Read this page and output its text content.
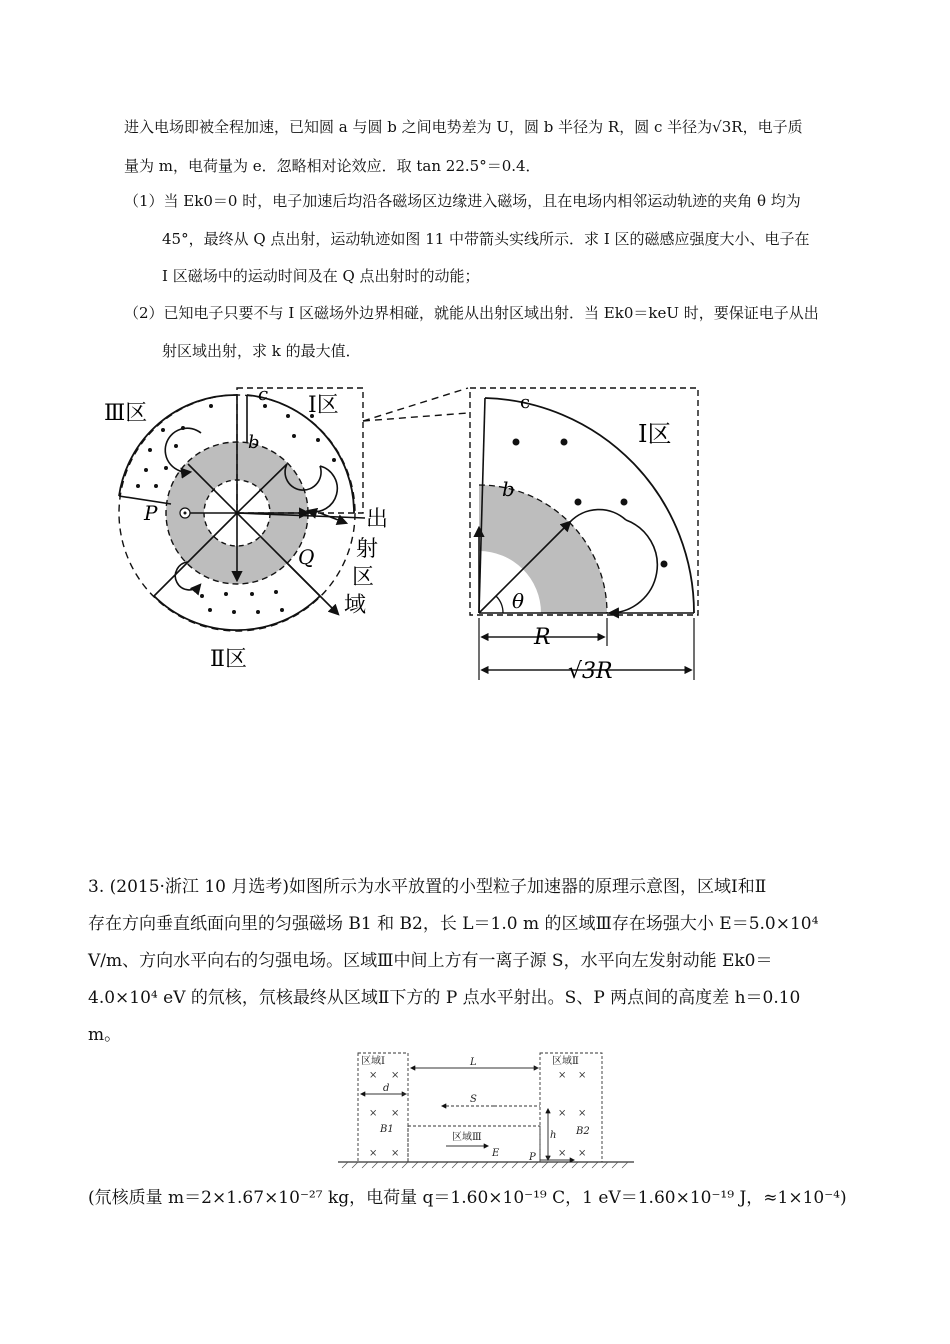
进入电场即被全程加速，已知圆 a 与圆 b 之间电势差为 U，圆 b 半径为 R，圆 c 半径为√3R，电子质
量为 m，电荷量为 e．忽略相对论效应．取 tan 22.5°＝0.4．
（1）当 Ek0＝0 时，电子加速后均沿各磁场区边缘进入磁场，且在电场内相邻运动轨迹的夹角 θ 均为
45°，最终从 Q 点出射，运动轨迹如图 11 中带箭头实线所示．求 I 区的磁感应强度大小、电子在
I 区磁场中的运动时间及在 Q 点出射时的动能；
（2）已知电子只要不与 I 区磁场外边界相碰，就能从出射区域出射．当 Ek0＝keU 时，要保证电子从出
射区域出射，求 k 的最大值．
Ⅲ区	Ⅰ区
Ⅱ区
c
b
P
Q
出
射
区
域
Ⅰ区
c
b
θ
R
√3R
3. (2015·浙江 10 月选考)如图所示为水平放置的小型粒子加速器的原理示意图，区域Ⅰ和Ⅱ
存在方向垂直纸面向里的匀强磁场 B1 和 B2，长 L＝1.0 m 的区域Ⅲ存在场强大小 E＝5.0×10⁴
V/m、方向水平向右的匀强电场。区域Ⅲ中间上方有一离子源 S，水平向左发射动能 Ek0＝
4.0×10⁴ eV 的氘核，氘核最终从区域Ⅱ下方的 P 点水平射出。S、P 两点间的高度差 h＝0.10
m。
区域Ⅰ	区域Ⅱ
区域Ⅲ
L
d
S
B1	B2
h
E	P
× ×
× ×
× ×
× ×
× ×
× ×
(氘核质量 m＝2×1.67×10⁻²⁷ kg，电荷量 q＝1.60×10⁻¹⁹ C，1 eV＝1.60×10⁻¹⁹ J，≈1×10⁻⁴)
